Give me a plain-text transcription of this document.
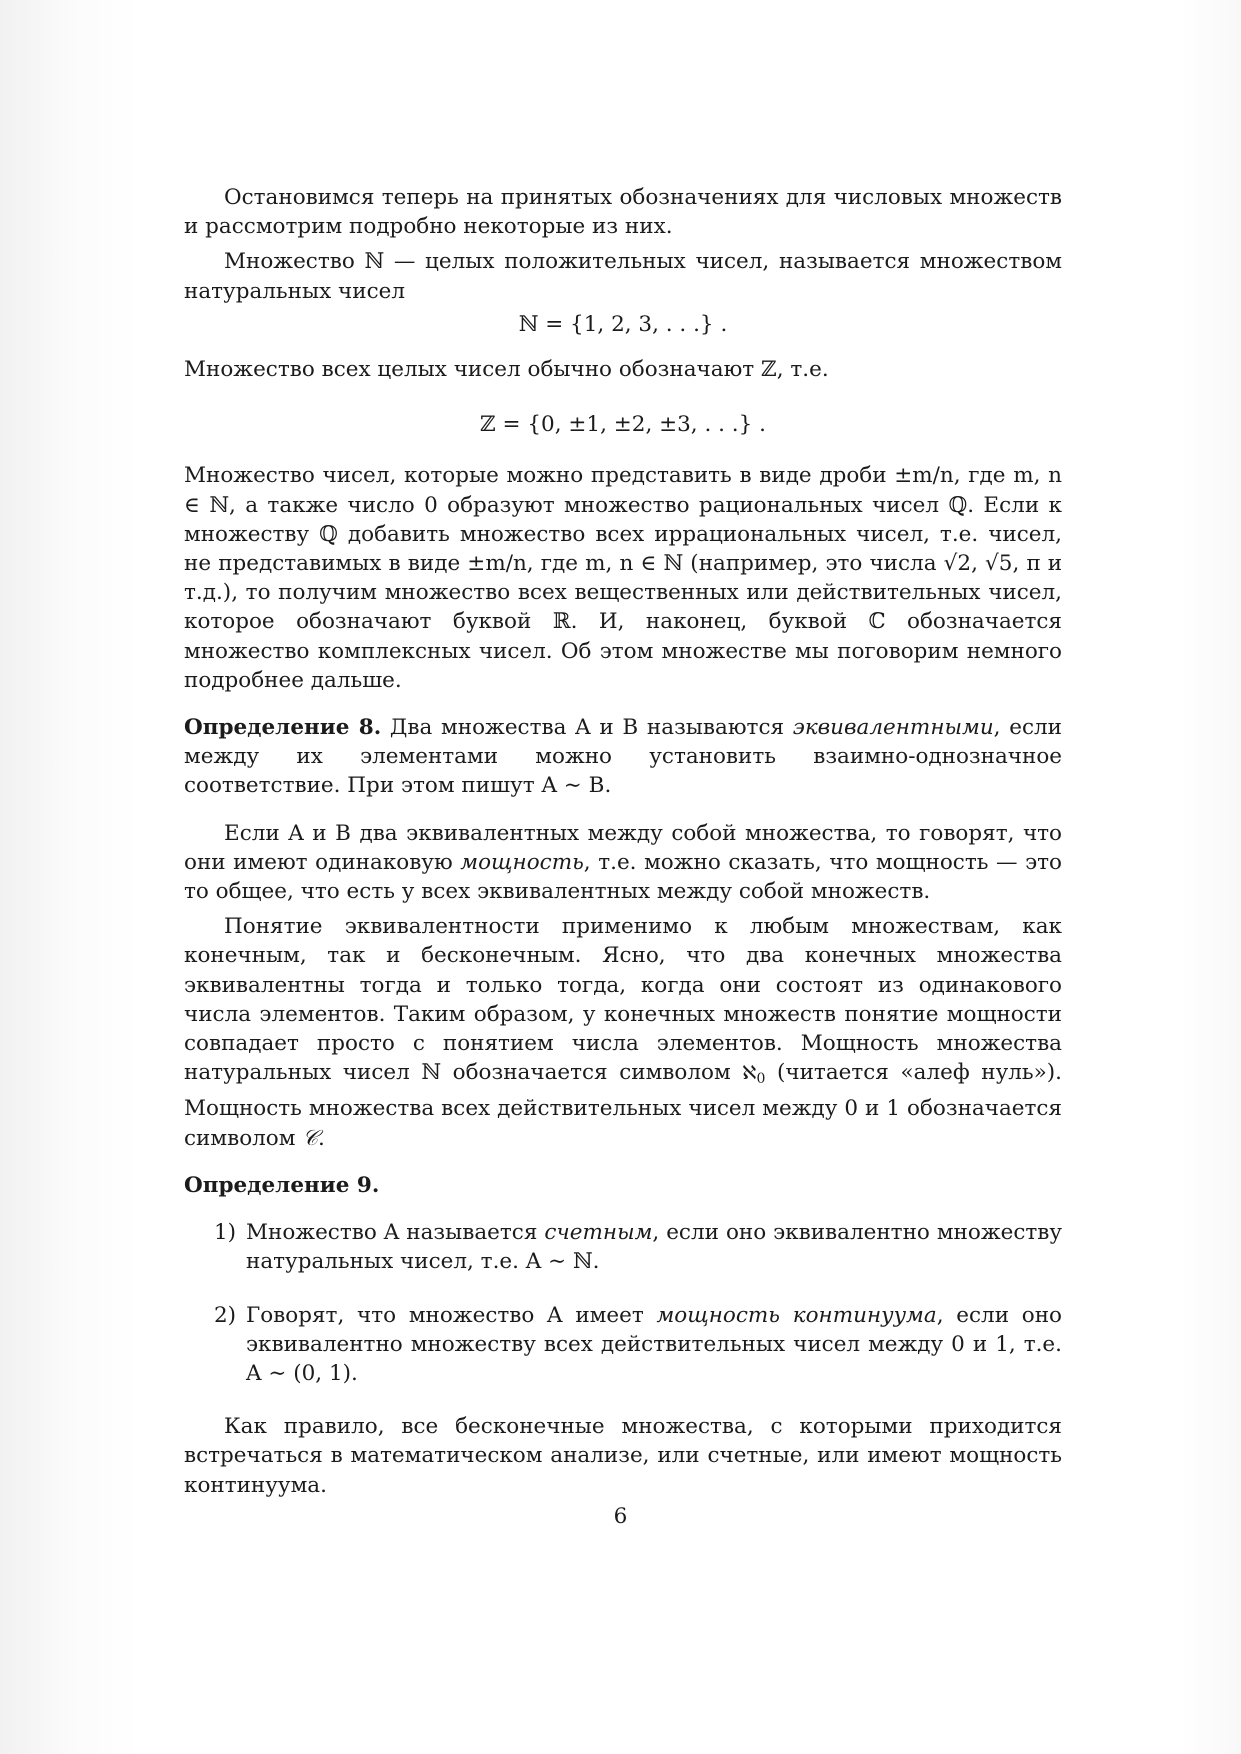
Остановимся теперь на принятых обозначениях для числовых множеств и рассмотрим подробно некоторые из них.

Множество ℕ — целых положительных чисел, называется множеством натуральных чисел

ℕ = {1, 2, 3, . . .} .

Множество всех целых чисел обычно обозначают ℤ, т.е.

ℤ = {0, ±1, ±2, ±3, . . .} .

Множество чисел, которые можно представить в виде дроби ±m/n, где m, n ∈ ℕ, а также число 0 образуют множество рациональных чисел ℚ. Если к множеству ℚ добавить множество всех иррациональных чисел, т.е. чисел, не представимых в виде ±m/n, где m, n ∈ ℕ (например, это числа √2, √5, π и т.д.), то получим множество всех вещественных или действительных чисел, которое обозначают буквой ℝ. И, наконец, буквой ℂ обозначается множество комплексных чисел. Об этом множестве мы поговорим немного подробнее дальше.

Определение 8. Два множества A и B называются эквивалентными, если между их элементами можно установить взаимно-однозначное соответствие. При этом пишут A ∼ B.

Если A и B два эквивалентных между собой множества, то говорят, что они имеют одинаковую мощность, т.е. можно сказать, что мощность — это то общее, что есть у всех эквивалентных между собой множеств.

Понятие эквивалентности применимо к любым множествам, как конечным, так и бесконечным. Ясно, что два конечных множества эквивалентны тогда и только тогда, когда они состоят из одинакового числа элементов. Таким образом, у конечных множеств понятие мощности совпадает просто с понятием числа элементов. Мощность множества натуральных чисел ℕ обозначается символом ℵ$_0$ (читается «алеф нуль»). Мощность множества всех действительных чисел между 0 и 1 обозначается символом 𝒞.

Определение 9.

1) Множество A называется счетным, если оно эквивалентно множеству натуральных чисел, т.е. A ∼ ℕ.
2) Говорят, что множество A имеет мощность континуума, если оно эквивалентно множеству всех действительных чисел между 0 и 1, т.е. A ∼ (0, 1).

Как правило, все бесконечные множества, с которыми приходится встречаться в математическом анализе, или счетные, или имеют мощность континуума.

6
